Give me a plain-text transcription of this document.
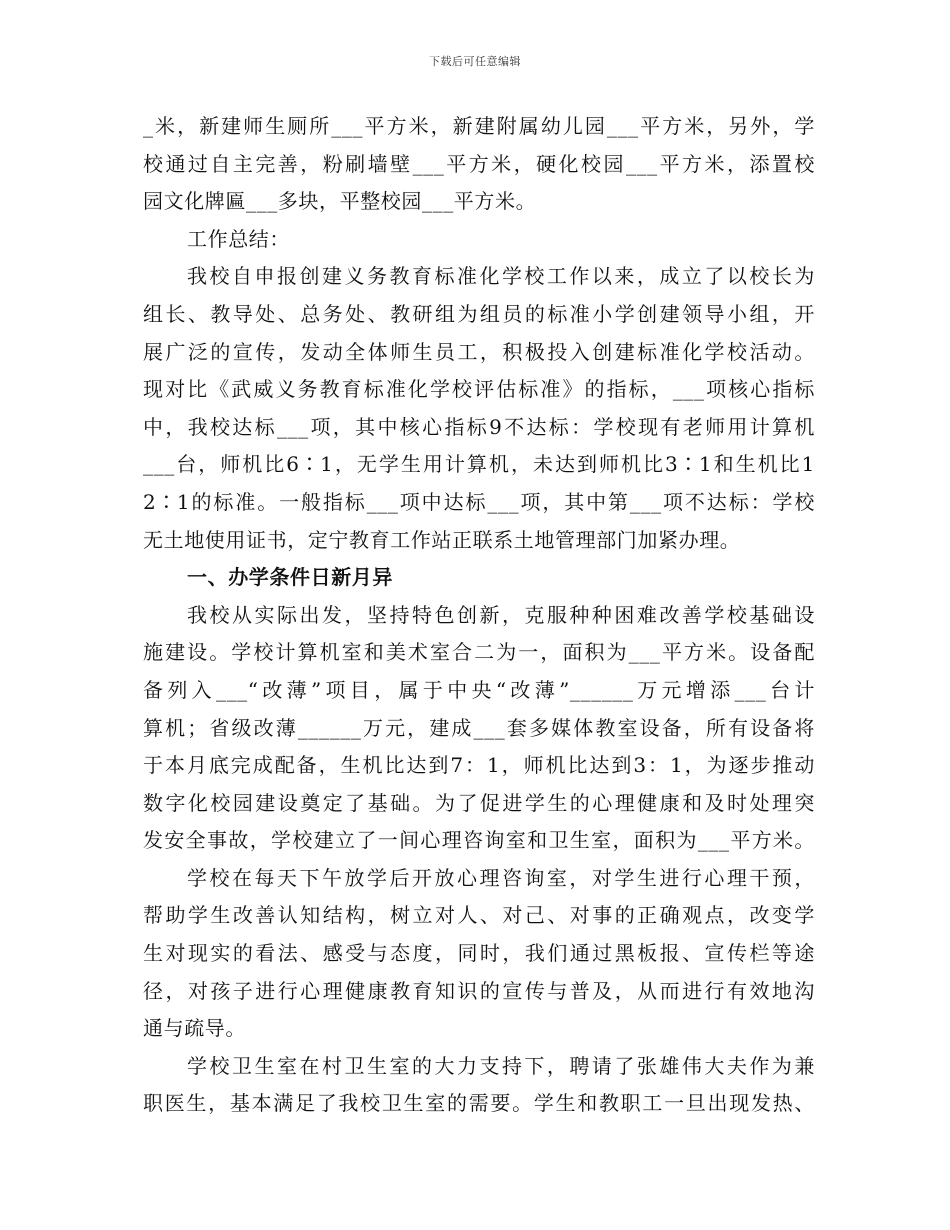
下载后可任意编辑
_米，新建师生厕所___平方米，新建附属幼儿园___平方米，另外，学
校通过自主完善，粉刷墙壁___平方米，硬化校园___平方米，添置校
园文化牌匾___多块，平整校园___平方米。
工作总结：
我校自申报创建义务教育标准化学校工作以来，成立了以校长为
组长、教导处、总务处、教研组为组员的标准小学创建领导小组，开
展广泛的宣传，发动全体师生员工，积极投入创建标准化学校活动。
现对比《武威义务教育标准化学校评估标准》的指标，___项核心指标
中，我校达标___项，其中核心指标9不达标：学校现有老师用计算机
___台，师机比6∶1，无学生用计算机，未达到师机比3∶1和生机比1
2∶1的标准。一般指标___项中达标___项，其中第___项不达标：学校
无土地使用证书，定宁教育工作站正联系土地管理部门加紧办理。
一、办学条件日新月异
我校从实际出发，坚持特色创新，克服种种困难改善学校基础设
施建设。学校计算机室和美术室合二为一，面积为___平方米。设备配
备列入___“改薄”项目，属于中央“改薄”______万元增添___台计
算机；省级改薄______万元，建成___套多媒体教室设备，所有设备将
于本月底完成配备，生机比达到7：1，师机比达到3：1，为逐步推动
数字化校园建设奠定了基础。为了促进学生的心理健康和及时处理突
发安全事故，学校建立了一间心理咨询室和卫生室，面积为___平方米。
学校在每天下午放学后开放心理咨询室，对学生进行心理干预，
帮助学生改善认知结构，树立对人、对己、对事的正确观点，改变学
生对现实的看法、感受与态度，同时，我们通过黑板报、宣传栏等途
径，对孩子进行心理健康教育知识的宣传与普及，从而进行有效地沟
通与疏导。
学校卫生室在村卫生室的大力支持下，聘请了张雄伟大夫作为兼
职医生，基本满足了我校卫生室的需要。学生和教职工一旦出现发热、
